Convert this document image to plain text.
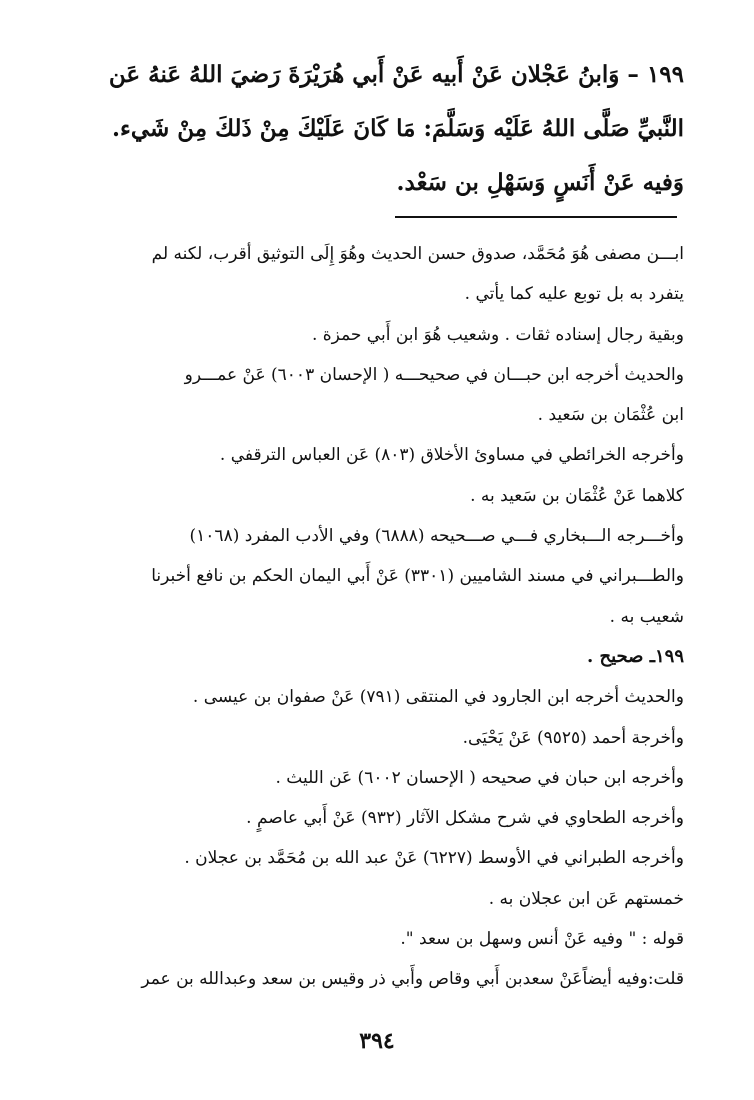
١٩٩ – وَابنُ عَجْلان عَنْ أَبيه عَنْ أَبي هُرَيْرَةَ رَضيَ اللهُ عَنهُ عَن
النَّبيِّ صَلَّى اللهُ عَلَيْه وَسَلَّمَ: مَا كَانَ عَلَيْكَ مِنْ ذَلكَ مِنْ شَيء.
وَفيه عَنْ أَنَسٍ وَسَهْلِ بن سَعْد.
ابـــن مصفى هُوَ مُحَمَّد، صدوق حسن الحديث وهُوَ إِلَى التوثيق أقرب، لكنه لم
يتفرد به بل توبع عليه كما يأتي .
وبقية رجال إسناده ثقات . وشعيب هُوَ ابن أَبي حمزة .
والحديث أخرجه ابن حبـــان في صحيحـــه ( الإحسان ٦٠٠٣) عَنْ عمـــرو
ابن عُثْمَان بن سَعيد .
وأخرجه الخرائطي في مساوئ الأخلاق (٨٠٣) عَن العباس الترقفي .
كلاهما عَنْ عُثْمَان بن سَعيد به .
وأخـــرجه الـــبخاري فـــي صـــحيحه (٦٨٨٨) وفي الأدب المفرد (١٠٦٨)
والطـــبراني في مسند الشاميين (٣٣٠١) عَنْ أَبي اليمان الحكم بن نافع أخبرنا
شعيب به .
١٩٩ـ صحيح .
والحديث أخرجه ابن الجارود في المنتقى (٧٩١) عَنْ صفوان بن عيسى .
وأخرجة أحمد (٩٥٢٥) عَنْ يَحْيَى.
وأخرجه ابن حبان في صحيحه ( الإحسان ٦٠٠٢) عَن الليث .
وأخرجه الطحاوي في شرح مشكل الآثار (٩٣٢) عَنْ أَبي عاصمٍ .
وأخرجه الطبراني في الأوسط (٦٢٢٧) عَنْ عبد الله بن مُحَمَّد بن عجلان .
خمستهم عَن ابن عجلان به .
قوله : " وفيه عَنْ أنس وسهل بن سعد ".
قلت:وفيه أيضاًعَنْ سعدبن أَبي وقاص وأَبي ذر وقيس بن سعد وعبدالله بن عمر
٣٩٤
